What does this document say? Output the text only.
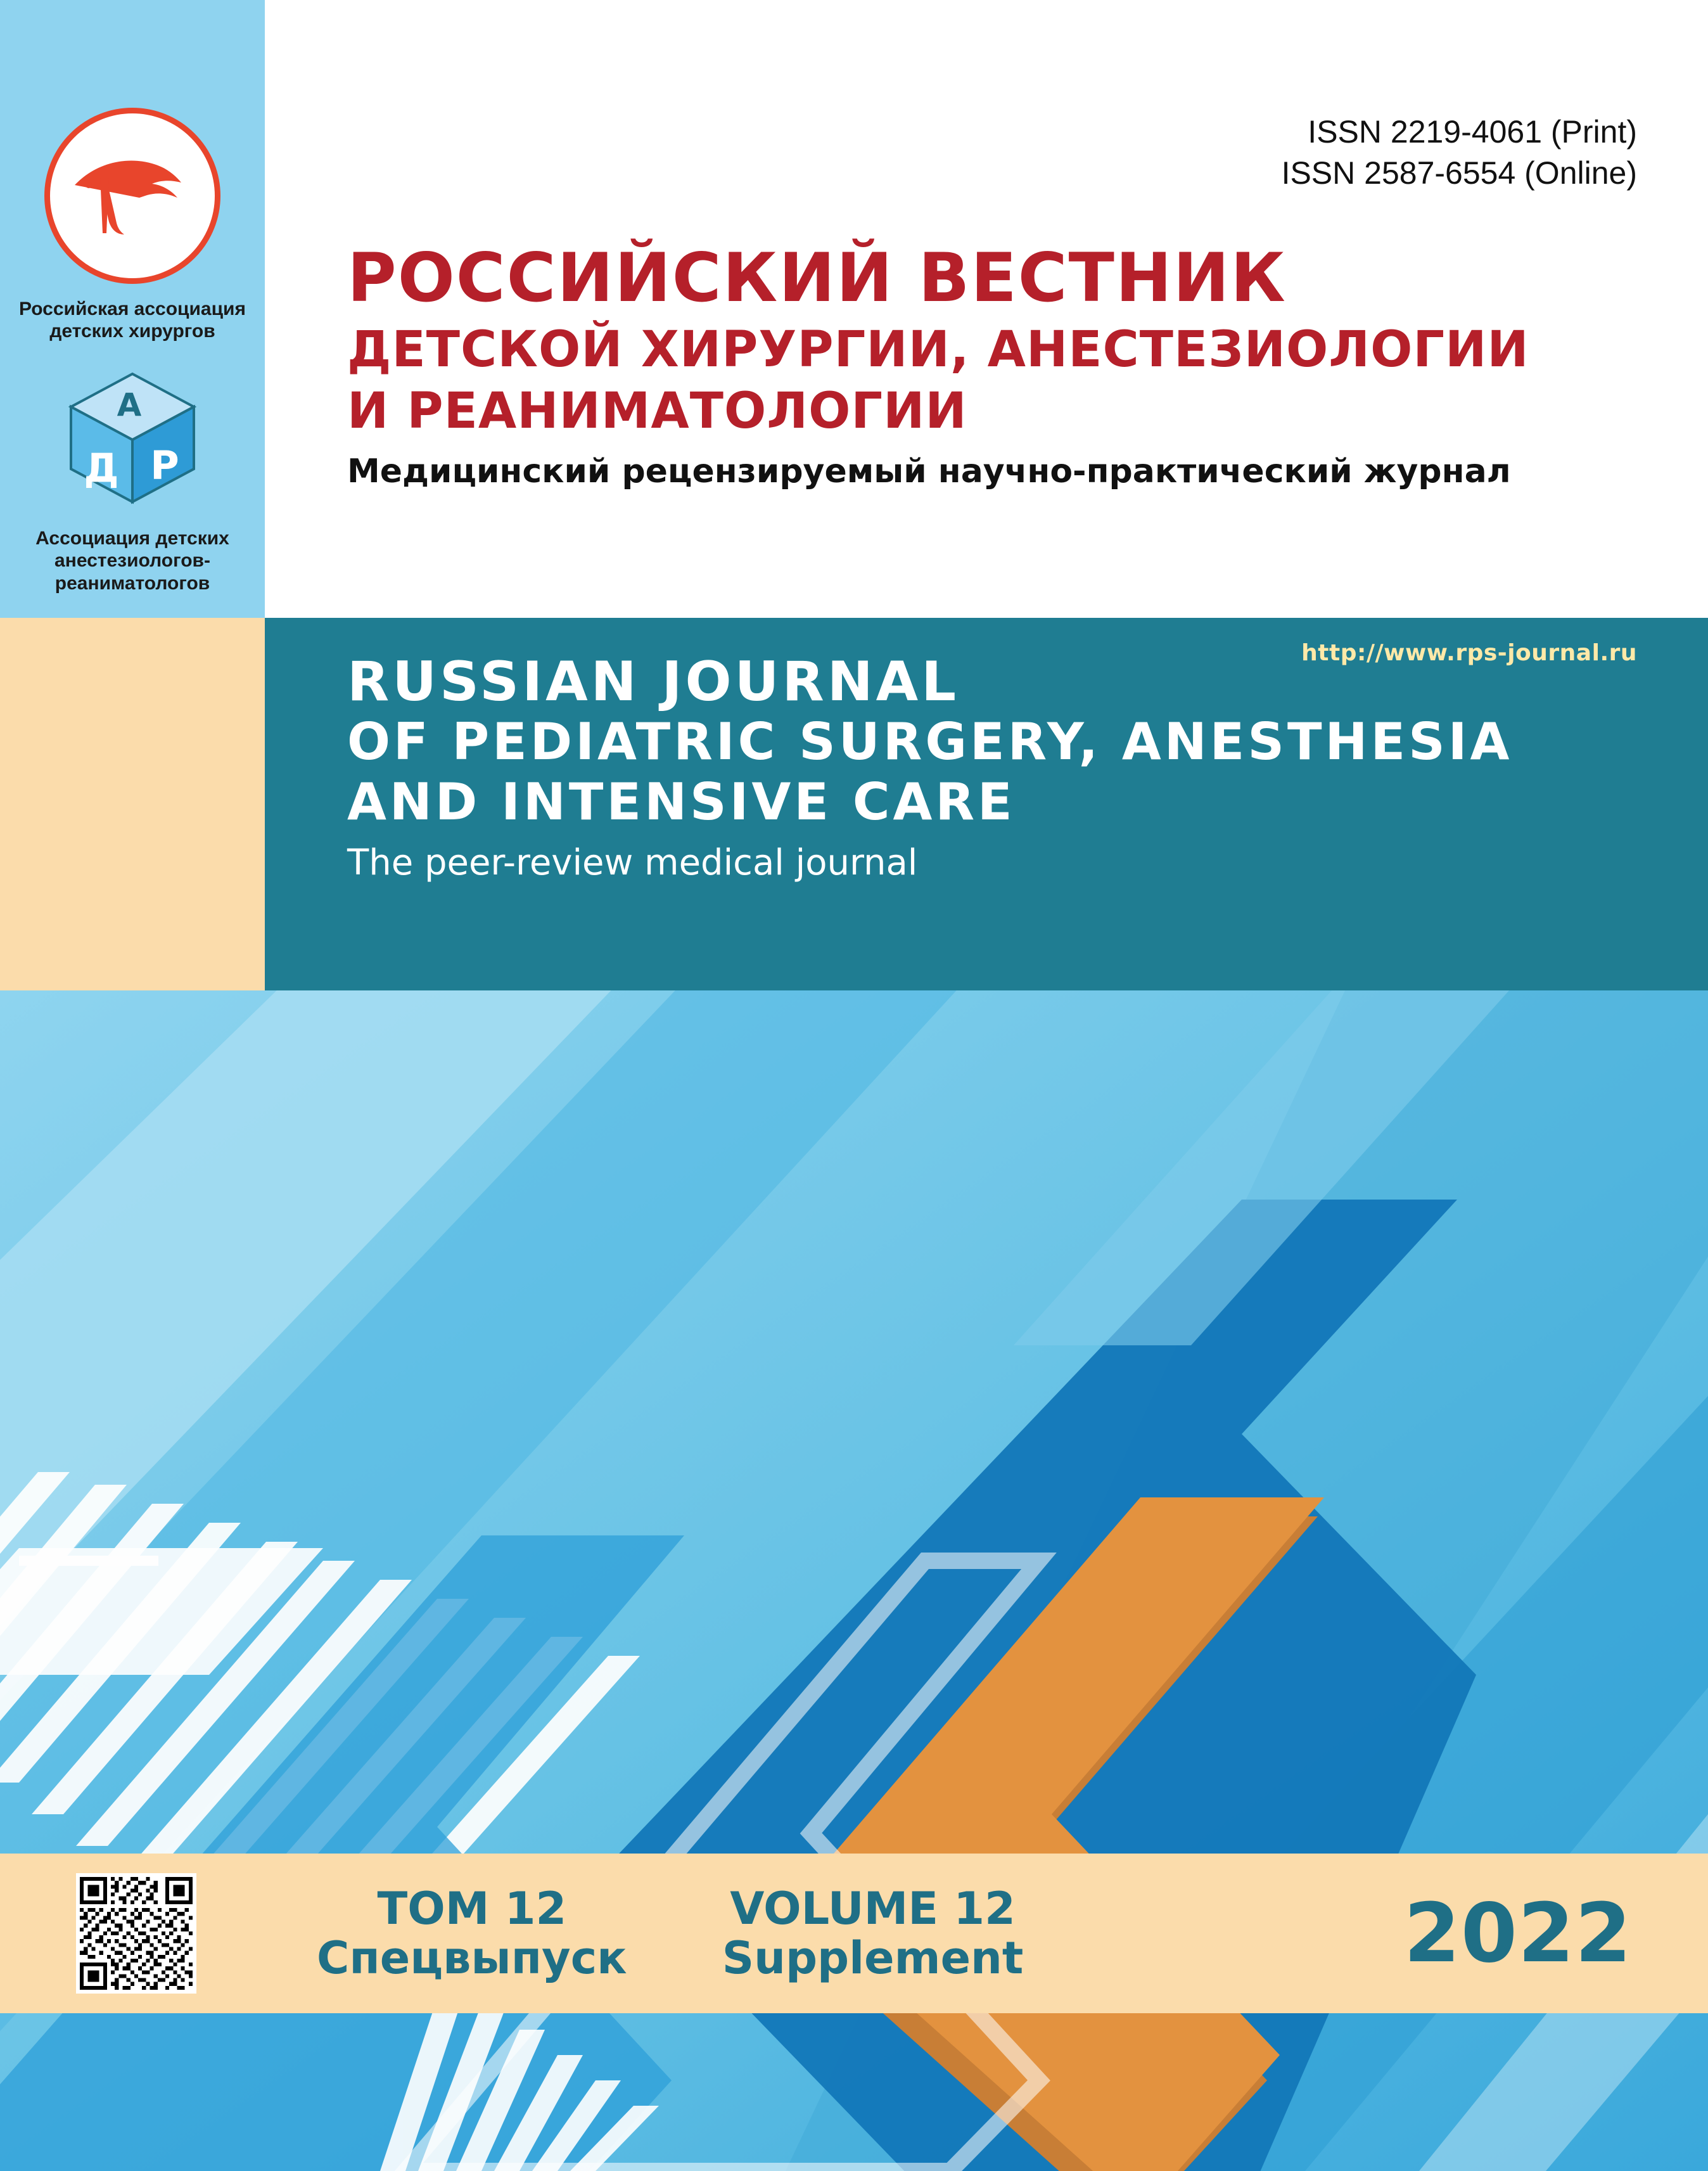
Российская ассоциация детских хирургов
Д Р
А
Ассоциация детских анестезиологов-реаниматологов
ISSN 2219-4061 (Print)
ISSN 2587-6554 (Online)
РОССИЙСКИЙ ВЕСТНИК
ДЕТСКОЙ ХИРУРГИИ, АНЕСТЕЗИОЛОГИИ
И РЕАНИМАТОЛОГИИ
Медицинский рецензируемый научно-практический журнал
http://www.rps-journal.ru
RUSSIAN JOURNAL
OF PEDIATRIC SURGERY, ANESTHESIA
AND INTENSIVE CARE
The peer-review medical journal
ТОМ 12
Спецвыпуск
VOLUME 12
Supplement	2022
